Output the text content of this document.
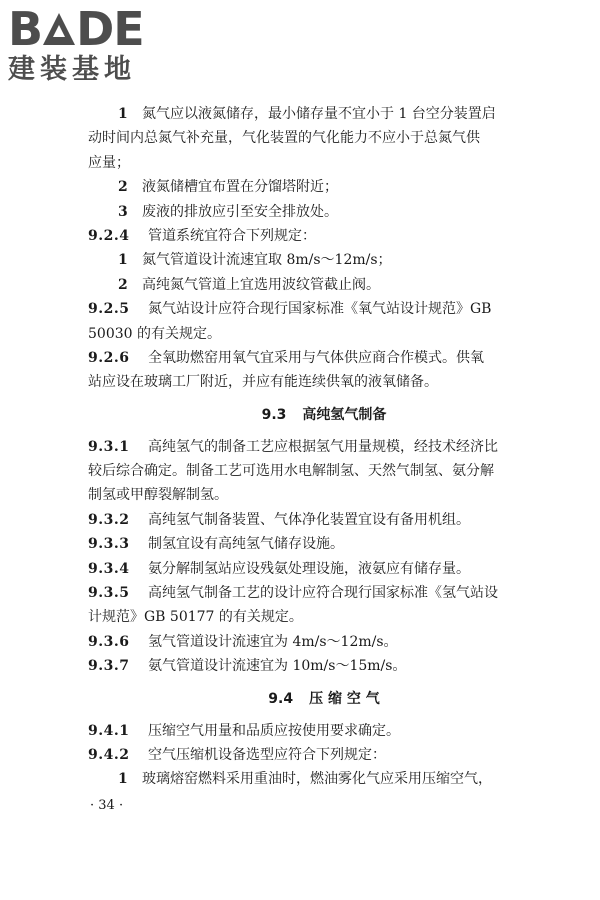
B DE
建装基地
1 氮气应以液氮储存，最小储存量不宜小于 1 台空分装置启
动时间内总氮气补充量，气化装置的气化能力不应小于总氮气供
应量；
2 液氮储槽宜布置在分馏塔附近；
3 废液的排放应引至安全排放处。
9.2.4 管道系统宜符合下列规定：
1 氮气管道设计流速宜取 8m/s～12m/s；
2 高纯氮气管道上宜选用波纹管截止阀。
9.2.5 氮气站设计应符合现行国家标准《氧气站设计规范》GB
50030 的有关规定。
9.2.6 全氧助燃窑用氧气宜采用与气体供应商合作模式。供氧
站应设在玻璃工厂附近，并应有能连续供氧的液氧储备。
9.3 高纯氢气制备
9.3.1 高纯氢气的制备工艺应根据氢气用量规模，经技术经济比
较后综合确定。制备工艺可选用水电解制氢、天然气制氢、氨分解
制氢或甲醇裂解制氢。
9.3.2 高纯氢气制备装置、气体净化装置宜设有备用机组。
9.3.3 制氢宜设有高纯氢气储存设施。
9.3.4 氨分解制氢站应设残氨处理设施，液氨应有储存量。
9.3.5 高纯氢气制备工艺的设计应符合现行国家标准《氢气站设
计规范》GB 50177 的有关规定。
9.3.6 氢气管道设计流速宜为 4m/s～12m/s。
9.3.7 氨气管道设计流速宜为 10m/s～15m/s。
9.4 压 缩 空 气
9.4.1 压缩空气用量和品质应按使用要求确定。
9.4.2 空气压缩机设备选型应符合下列规定：
1 玻璃熔窑燃料采用重油时，燃油雾化气应采用压缩空气，
· 34 ·
